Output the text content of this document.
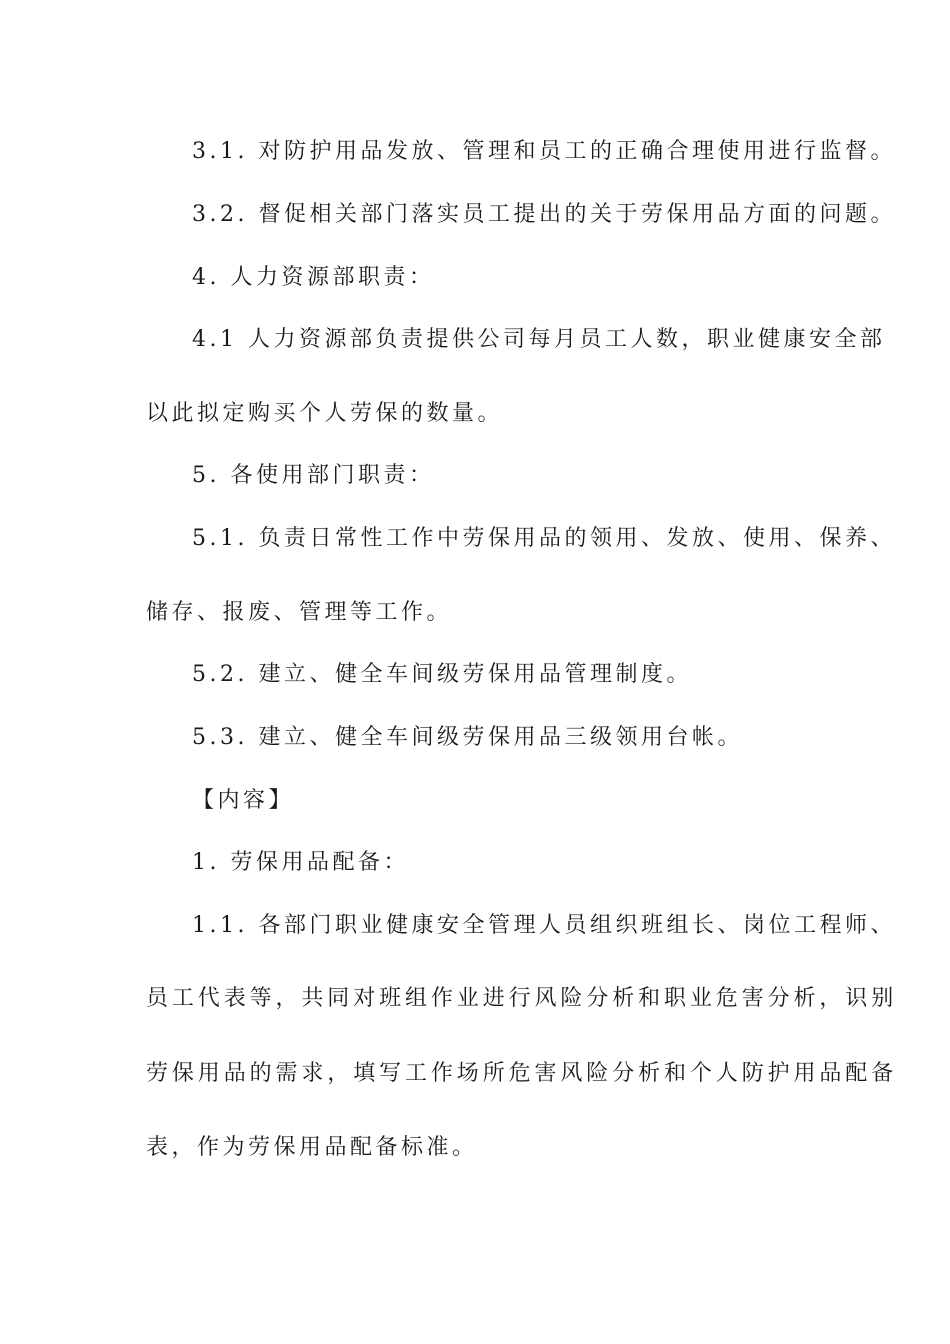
3.1. 对防护用品发放、管理和员工的正确合理使用进行监督。
3.2. 督促相关部门落实员工提出的关于劳保用品方面的问题。
4. 人力资源部职责：
4.1 人力资源部负责提供公司每月员工人数，职业健康安全部
以此拟定购买个人劳保的数量。
5. 各使用部门职责：
5.1. 负责日常性工作中劳保用品的领用、发放、使用、保养、
储存、报废、管理等工作。
5.2. 建立、健全车间级劳保用品管理制度。
5.3. 建立、健全车间级劳保用品三级领用台帐。
【内容】
1. 劳保用品配备：
1.1. 各部门职业健康安全管理人员组织班组长、岗位工程师、
员工代表等，共同对班组作业进行风险分析和职业危害分析，识别
劳保用品的需求，填写工作场所危害风险分析和个人防护用品配备
表，作为劳保用品配备标准。
